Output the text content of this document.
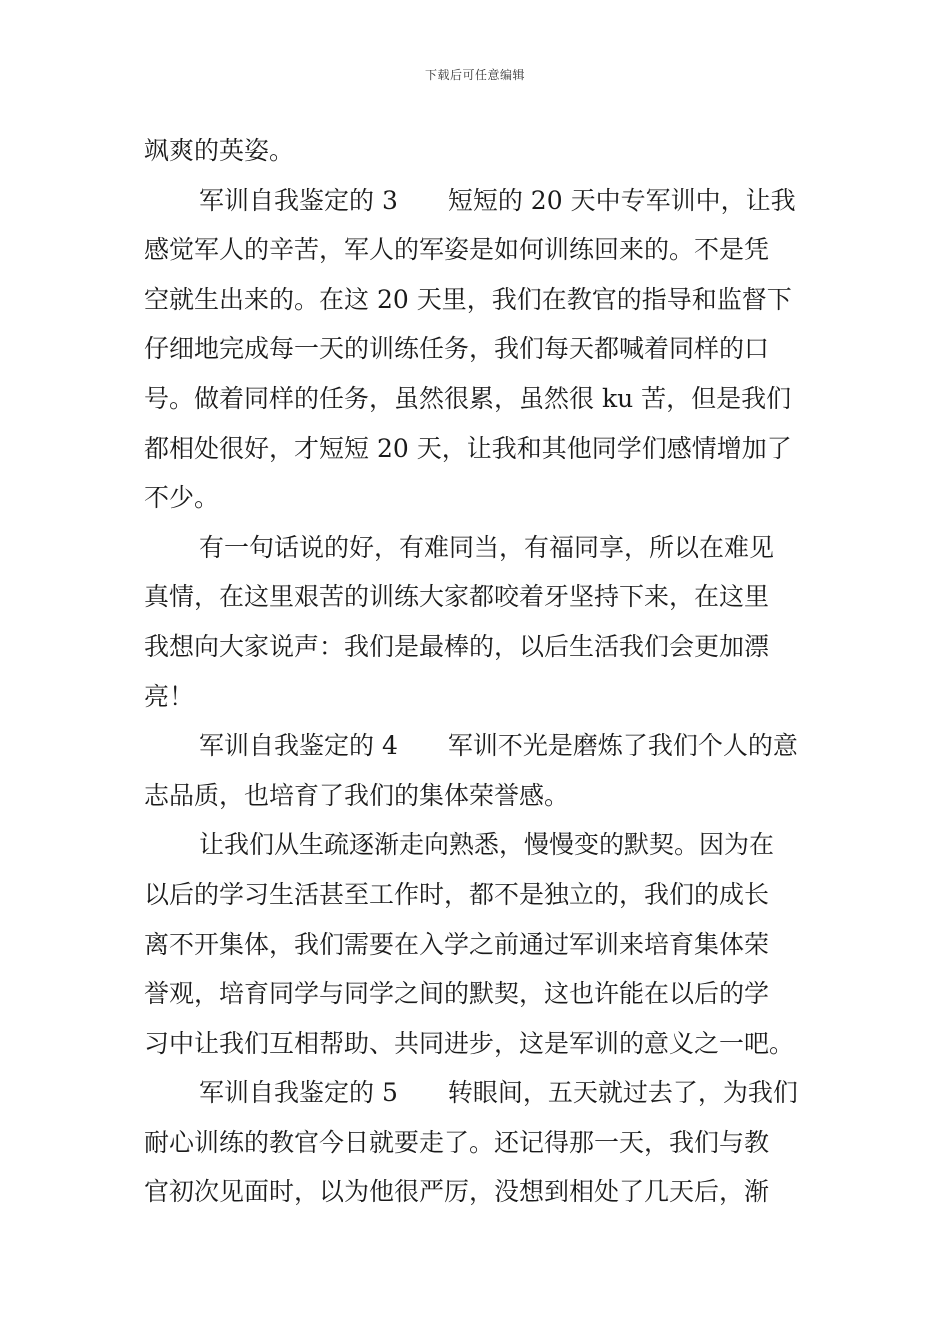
下载后可任意编辑
飒爽的英姿。
军训自我鉴定的 3 短短的 20 天中专军训中，让我
感觉军人的辛苦，军人的军姿是如何训练回来的。不是凭
空就生出来的。在这 20 天里，我们在教官的指导和监督下
仔细地完成每一天的训练任务，我们每天都喊着同样的口
号。做着同样的任务，虽然很累，虽然很 ku 苦，但是我们
都相处很好，才短短 20 天，让我和其他同学们感情增加了
不少。
有一句话说的好，有难同当，有福同享，所以在难见
真情，在这里艰苦的训练大家都咬着牙坚持下来，在这里
我想向大家说声：我们是最棒的，以后生活我们会更加漂
亮！
军训自我鉴定的 4 军训不光是磨炼了我们个人的意
志品质，也培育了我们的集体荣誉感。
让我们从生疏逐渐走向熟悉，慢慢变的默契。因为在
以后的学习生活甚至工作时，都不是独立的，我们的成长
离不开集体，我们需要在入学之前通过军训来培育集体荣
誉观，培育同学与同学之间的默契，这也许能在以后的学
习中让我们互相帮助、共同进步，这是军训的意义之一吧。
军训自我鉴定的 5 转眼间，五天就过去了，为我们
耐心训练的教官今日就要走了。还记得那一天，我们与教
官初次见面时，以为他很严厉，没想到相处了几天后，渐
